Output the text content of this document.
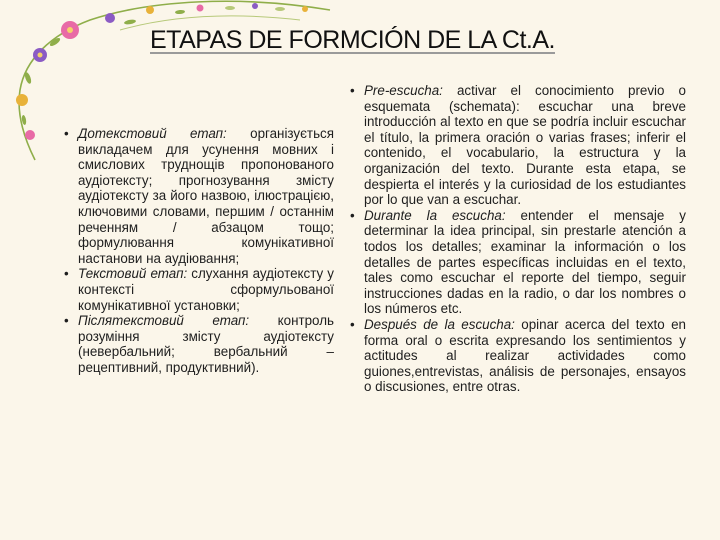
ETAPAS DE FORMCIÓN DE LA Ct.A.
• Дотекстовий етап: організується викладачем для усунення мовних і смислових труднощів пропонованого аудіотексту; прогнозування змісту аудіотексту за його назвою, ілюстрацією, ключовими словами, першим / останнім реченням / абзацом тощо; формулювання комунікативної настанови на аудіювання;
• Текстовий етап: слухання аудіотексту у контексті сформульованої комунікативної установки;
• Післятекстовий етап: контроль розуміння змісту аудіотексту (невербальний; вербальний – рецептивний, продуктивний).
• Pre-escucha: activar el conocimiento previo o esquemata (schemata): escuchar una breve introducción al texto en que se podría incluir escuchar el título, la primera oración o varias frases; inferir el contenido, el vocabulario, la estructura y la organización del texto. Durante esta etapa, se despierta el interés y la curiosidad de los estudiantes por lo que van a escuchar.
• Durante la escucha: entender el mensaje y determinar la idea principal, sin prestarle atención a todos los detalles; examinar la información o los detalles de partes específicas incluidas en el texto, tales como escuchar el reporte del tiempo, seguir instrucciones dadas en la radio, o dar los nombres o los números etc.
• Después de la escucha: opinar acerca del texto en forma oral o escrita expresando los sentimientos y actitudes al realizar actividades como guiones,entrevistas, análisis de personajes, ensayos o discusiones, entre otras.
